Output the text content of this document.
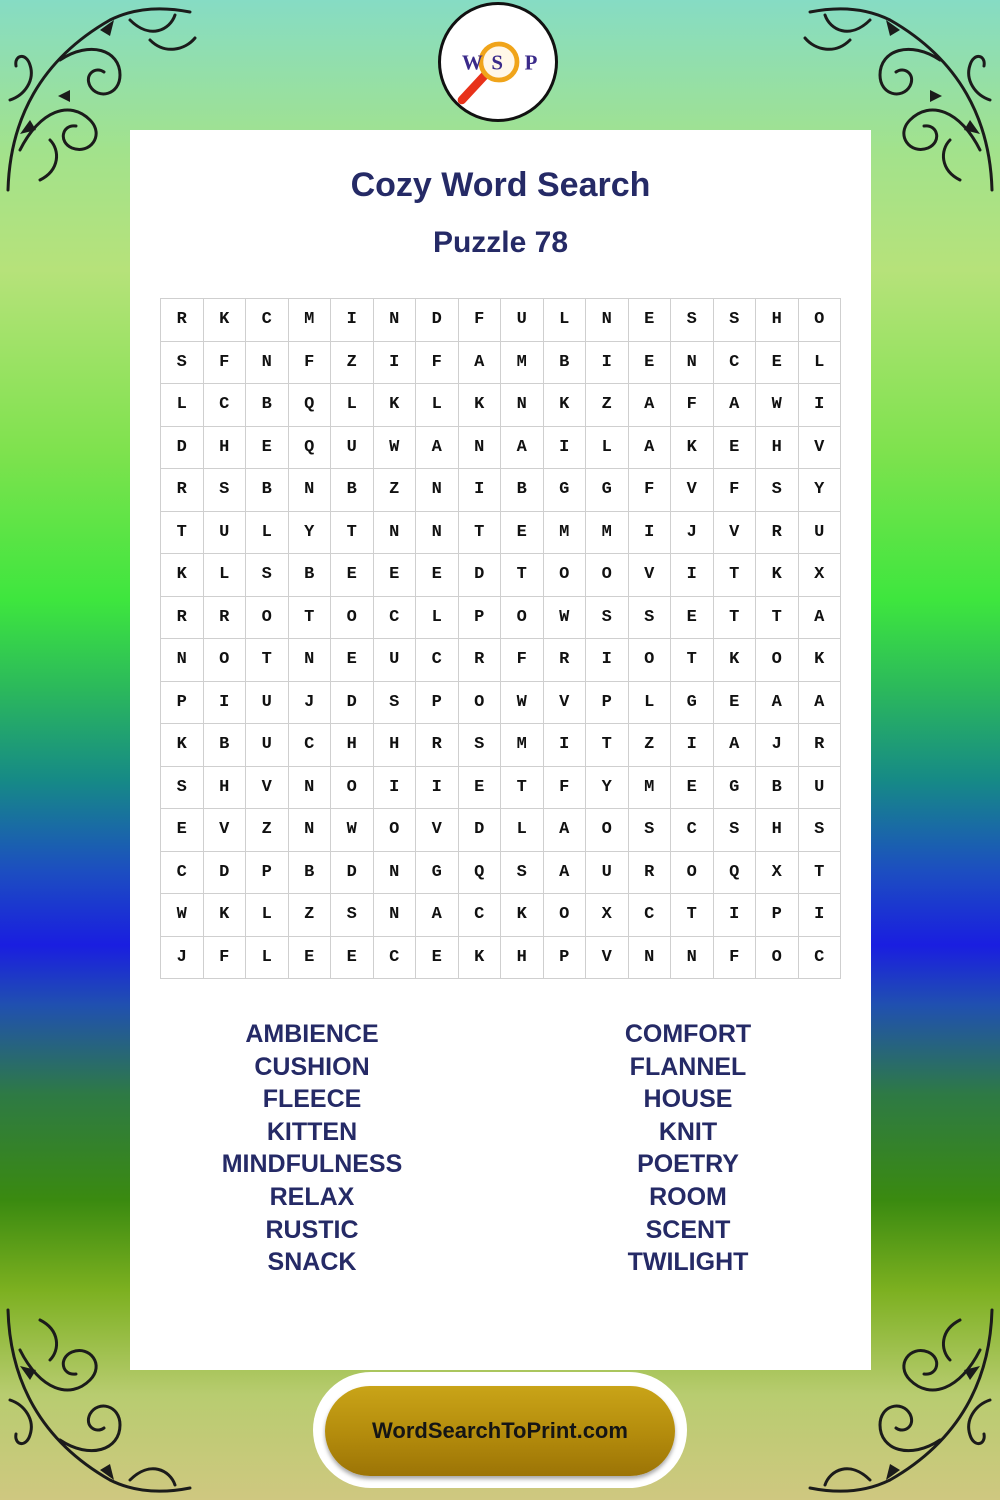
W S P
Cozy Word Search
Puzzle 78
R	K	C	M	I	N	D	F	U	L	N	E	S	S	H	O
S	F	N	F	Z	I	F	A	M	B	I	E	N	C	E	L
L	C	B	Q	L	K	L	K	N	K	Z	A	F	A	W	I
D	H	E	Q	U	W	A	N	A	I	L	A	K	E	H	V
R	S	B	N	B	Z	N	I	B	G	G	F	V	F	S	Y
T	U	L	Y	T	N	N	T	E	M	M	I	J	V	R	U
K	L	S	B	E	E	E	D	T	O	O	V	I	T	K	X
R	R	O	T	O	C	L	P	O	W	S	S	E	T	T	A
N	O	T	N	E	U	C	R	F	R	I	O	T	K	O	K
P	I	U	J	D	S	P	O	W	V	P	L	G	E	A	A
K	B	U	C	H	H	R	S	M	I	T	Z	I	A	J	R
S	H	V	N	O	I	I	E	T	F	Y	M	E	G	B	U
E	V	Z	N	W	O	V	D	L	A	O	S	C	S	H	S
C	D	P	B	D	N	G	Q	S	A	U	R	O	Q	X	T
W	K	L	Z	S	N	A	C	K	O	X	C	T	I	P	I
J	F	L	E	E	C	E	K	H	P	V	N	N	F	O	C
AMBIENCE
CUSHION
FLEECE
KITTEN
MINDFULNESS
RELAX
RUSTIC
SNACK
COMFORT
FLANNEL
HOUSE
KNIT
POETRY
ROOM
SCENT
TWILIGHT
WordSearchToPrint.com
